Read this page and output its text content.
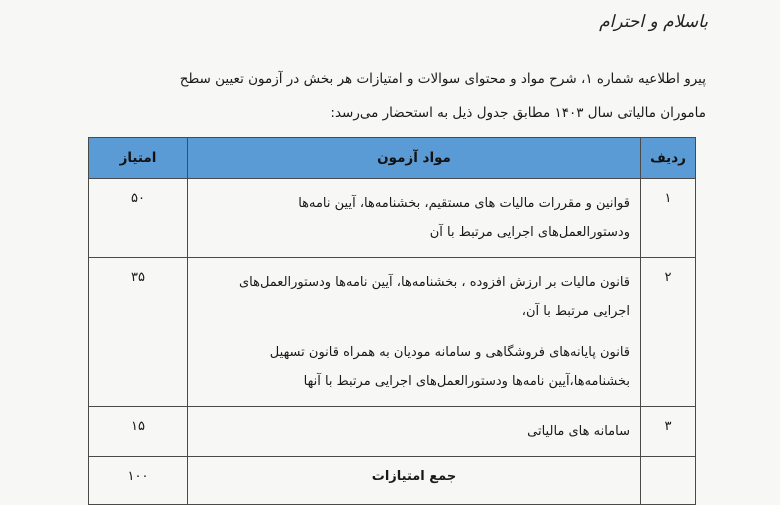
باسلام و احترام

پیرو اطلاعیه شماره ۱، شرح مواد و محتوای سوالات و امتیازات هر بخش در آزمون تعیین سطح

ماموران مالیاتی سال ۱۴۰۳ مطابق جدول ذیل به استحضار می‌رسد:

ردیف	مواد آزمون	امتیاز
۱	قوانین و مقررات مالیات های مستقیم، بخشنامه‌ها، آیین نامه‌ها ودستورالعمل‌های اجرایی مرتبط با آن	۵۰
۲	قانون مالیات بر ارزش افزوده ، بخشنامه‌ها، آیین نامه‌ها ودستورالعمل‌های اجرایی مرتبط با آن،

قانون پایانه‌های فروشگاهی و سامانه مودیان به همراه قانون تسهیل بخشنامه‌ها،آیین نامه‌ها ودستورالعمل‌های اجرایی مرتبط با آنها	۳۵
۳	سامانه های مالیاتی	۱۵
	جمع امتیازات	۱۰۰
